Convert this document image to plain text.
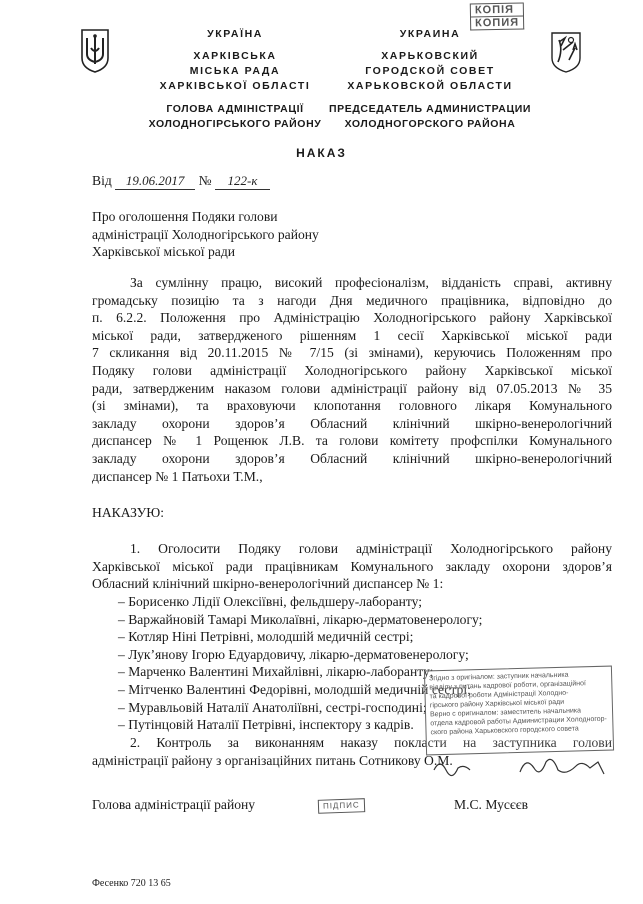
КОПІЯ
КОПИЯ
УКРАЇНА
ХАРКІВСЬКА
МІСЬКА РАДА
ХАРКІВСЬКОЇ ОБЛАСТІ
ГОЛОВА АДМІНІСТРАЦІЇ
ХОЛОДНОГІРСЬКОГО РАЙОНУ
УКРАИНА
ХАРЬКОВСКИЙ
ГОРОДСКОЙ СОВЕТ
ХАРЬКОВСКОЙ ОБЛАСТИ
ПРЕДСЕДАТЕЛЬ АДМИНИСТРАЦИИ
ХОЛОДНОГОРСКОГО РАЙОНА
НАКАЗ
Від 19.06.2017 № 122-к
Про оголошення Подяки голови
адміністрації Холодногірського району
Харківської міської ради
За сумлінну працю, високий професіоналізм, відданість справі, активну
громадську позицію та з нагоди Дня медичного працівника, відповідно до
п. 6.2.2. Положення про Адміністрацію Холодногірського району Харківської
міської ради, затвердженого рішенням 1 сесії Харківської міської ради
7 скликання від 20.11.2015 № 7/15 (зі змінами), керуючись Положенням про
Подяку голови адміністрації Холодногірського району Харківської міської
ради, затвердженим наказом голови адміністрації району від 07.05.2013 № 35
(зі змінами), та враховуючи клопотання головного лікаря Комунального
закладу охорони здоров’я Обласний клінічний шкірно-венерологічний
диспансер № 1 Рощенюк Л.В. та голови комітету профспілки Комунального
закладу охорони здоров’я Обласний клінічний шкірно-венерологічний
диспансер № 1 Патьохи Т.М.,
НАКАЗУЮ:
1. Оголосити Подяку голови адміністрації Холодногірського району
Харківської міської ради працівникам Комунального закладу охорони здоров’я
Обласний клінічний шкірно-венерологічний диспансер № 1:
– Борисенко Лідії Олексіївні, фельдшеру-лаборанту;
– Варжайновій Тамарі Миколаївні, лікарю-дерматовенерологу;
– Котляр Ніні Петрівні, молодшій медичній сестрі;
– Лук’янову Ігорю Едуардовичу, лікарю-дерматовенерологу;
– Марченко Валентині Михайлівні, лікарю-лаборанту;
– Мітченко Валентині Федорівні, молодшій медичній сестрі;
– Муравльовій Наталії Анатоліївні, сестрі-господині;
– Путінцовій Наталії Петрівні, інспектору з кадрів.
2. Контроль за виконанням наказу покласти на заступника голови
адміністрації району з організаційних питань Сотникову О.М.
Згідно з оригіналом: заступник начальника
відділу з питань кадрової роботи, організаційної
та кадрової роботи Адміністрації Холодно-
гірського району Харківської міської ради
Верно с оригиналом: заместитель начальника
отдела кадровой работы Администрации Холодногор-
ского района Харьковского городского совета
Голова адміністрації району	ПІДПИС	М.С. Мусєєв
Фесенко 720 13 65
